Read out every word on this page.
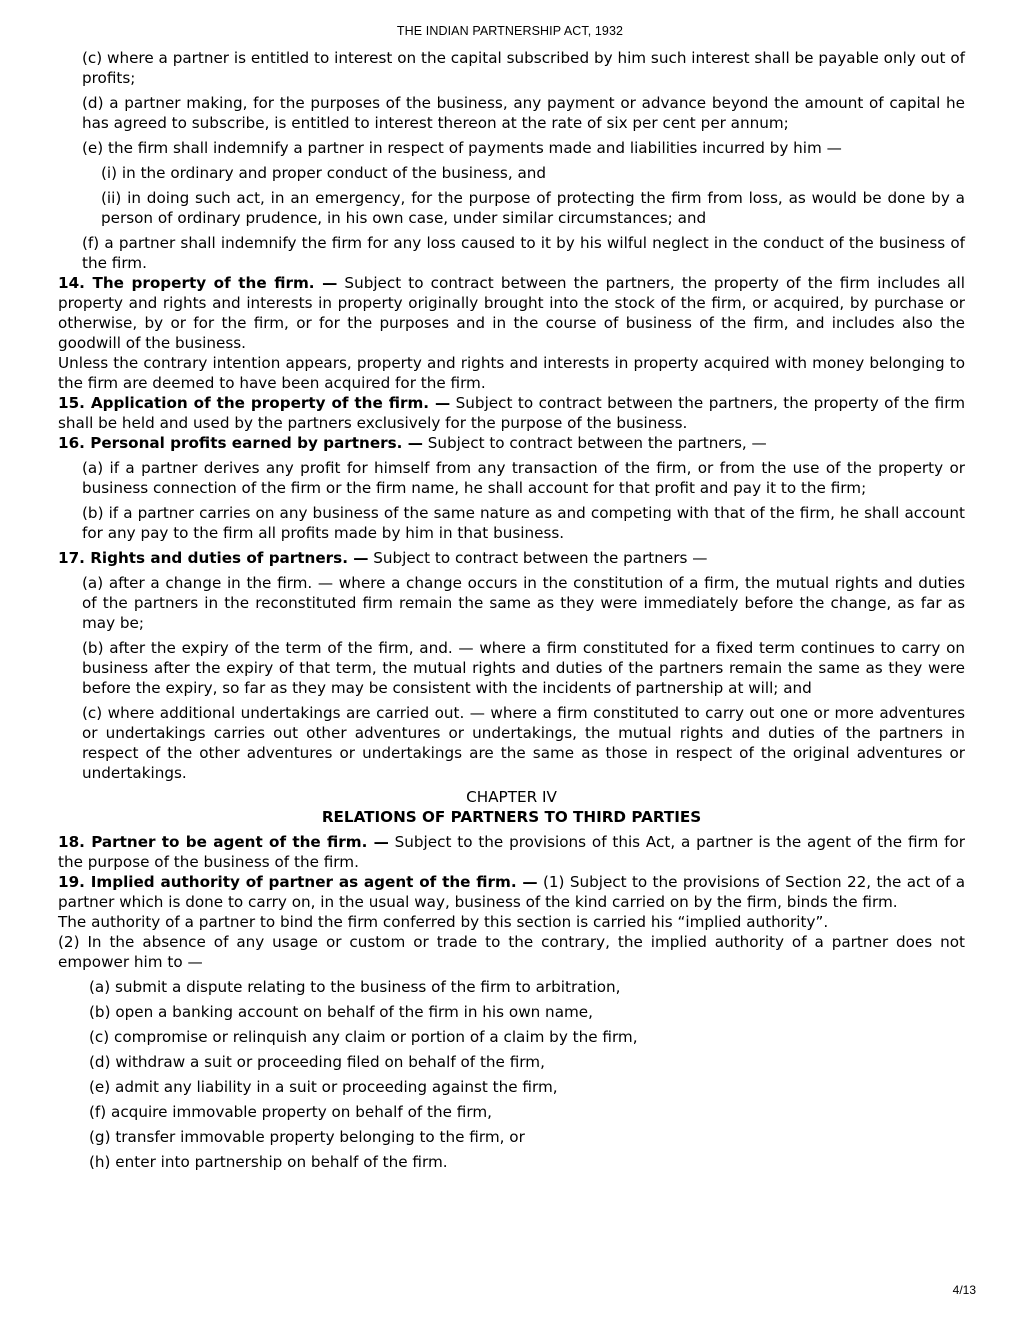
THE INDIAN PARTNERSHIP ACT, 1932

(c) where a partner is entitled to interest on the capital subscribed by him such interest shall be payable only out of profits;

(d) a partner making, for the purposes of the business, any payment or advance beyond the amount of capital he has agreed to subscribe, is entitled to interest thereon at the rate of six per cent per annum;

(e) the firm shall indemnify a partner in respect of payments made and liabilities incurred by him —

(i) in the ordinary and proper conduct of the business, and

(ii) in doing such act, in an emergency, for the purpose of protecting the firm from loss, as would be done by a person of ordinary prudence, in his own case, under similar circumstances; and

(f) a partner shall indemnify the firm for any loss caused to it by his wilful neglect in the conduct of the business of the firm.

14. The property of the firm. — Subject to contract between the partners, the property of the firm includes all property and rights and interests in property originally brought into the stock of the firm, or acquired, by purchase or otherwise, by or for the firm, or for the purposes and in the course of business of the firm, and includes also the goodwill of the business.

Unless the contrary intention appears, property and rights and interests in property acquired with money belonging to the firm are deemed to have been acquired for the firm.

15. Application of the property of the firm. — Subject to contract between the partners, the property of the firm shall be held and used by the partners exclusively for the purpose of the business.

16. Personal profits earned by partners. — Subject to contract between the partners, —

(a) if a partner derives any profit for himself from any transaction of the firm, or from the use of the property or business connection of the firm or the firm name, he shall account for that profit and pay it to the firm;

(b) if a partner carries on any business of the same nature as and competing with that of the firm, he shall account for any pay to the firm all profits made by him in that business.

17. Rights and duties of partners. — Subject to contract between the partners —

(a) after a change in the firm. — where a change occurs in the constitution of a firm, the mutual rights and duties of the partners in the reconstituted firm remain the same as they were immediately before the change, as far as may be;

(b) after the expiry of the term of the firm, and. — where a firm constituted for a fixed term continues to carry on business after the expiry of that term, the mutual rights and duties of the partners remain the same as they were before the expiry, so far as they may be consistent with the incidents of partnership at will; and

(c) where additional undertakings are carried out. — where a firm constituted to carry out one or more adventures or undertakings carries out other adventures or undertakings, the mutual rights and duties of the partners in respect of the other adventures or undertakings are the same as those in respect of the original adventures or undertakings.

CHAPTER IV

RELATIONS OF PARTNERS TO THIRD PARTIES

18. Partner to be agent of the firm. — Subject to the provisions of this Act, a partner is the agent of the firm for the purpose of the business of the firm.

19. Implied authority of partner as agent of the firm. — (1) Subject to the provisions of Section 22, the act of a partner which is done to carry on, in the usual way, business of the kind carried on by the firm, binds the firm.

The authority of a partner to bind the firm conferred by this section is carried his “implied authority”.

(2) In the absence of any usage or custom or trade to the contrary, the implied authority of a partner does not empower him to —

(a) submit a dispute relating to the business of the firm to arbitration,

(b) open a banking account on behalf of the firm in his own name,

(c) compromise or relinquish any claim or portion of a claim by the firm,

(d) withdraw a suit or proceeding filed on behalf of the firm,

(e) admit any liability in a suit or proceeding against the firm,

(f) acquire immovable property on behalf of the firm,

(g) transfer immovable property belonging to the firm, or

(h) enter into partnership on behalf of the firm.

4/13
